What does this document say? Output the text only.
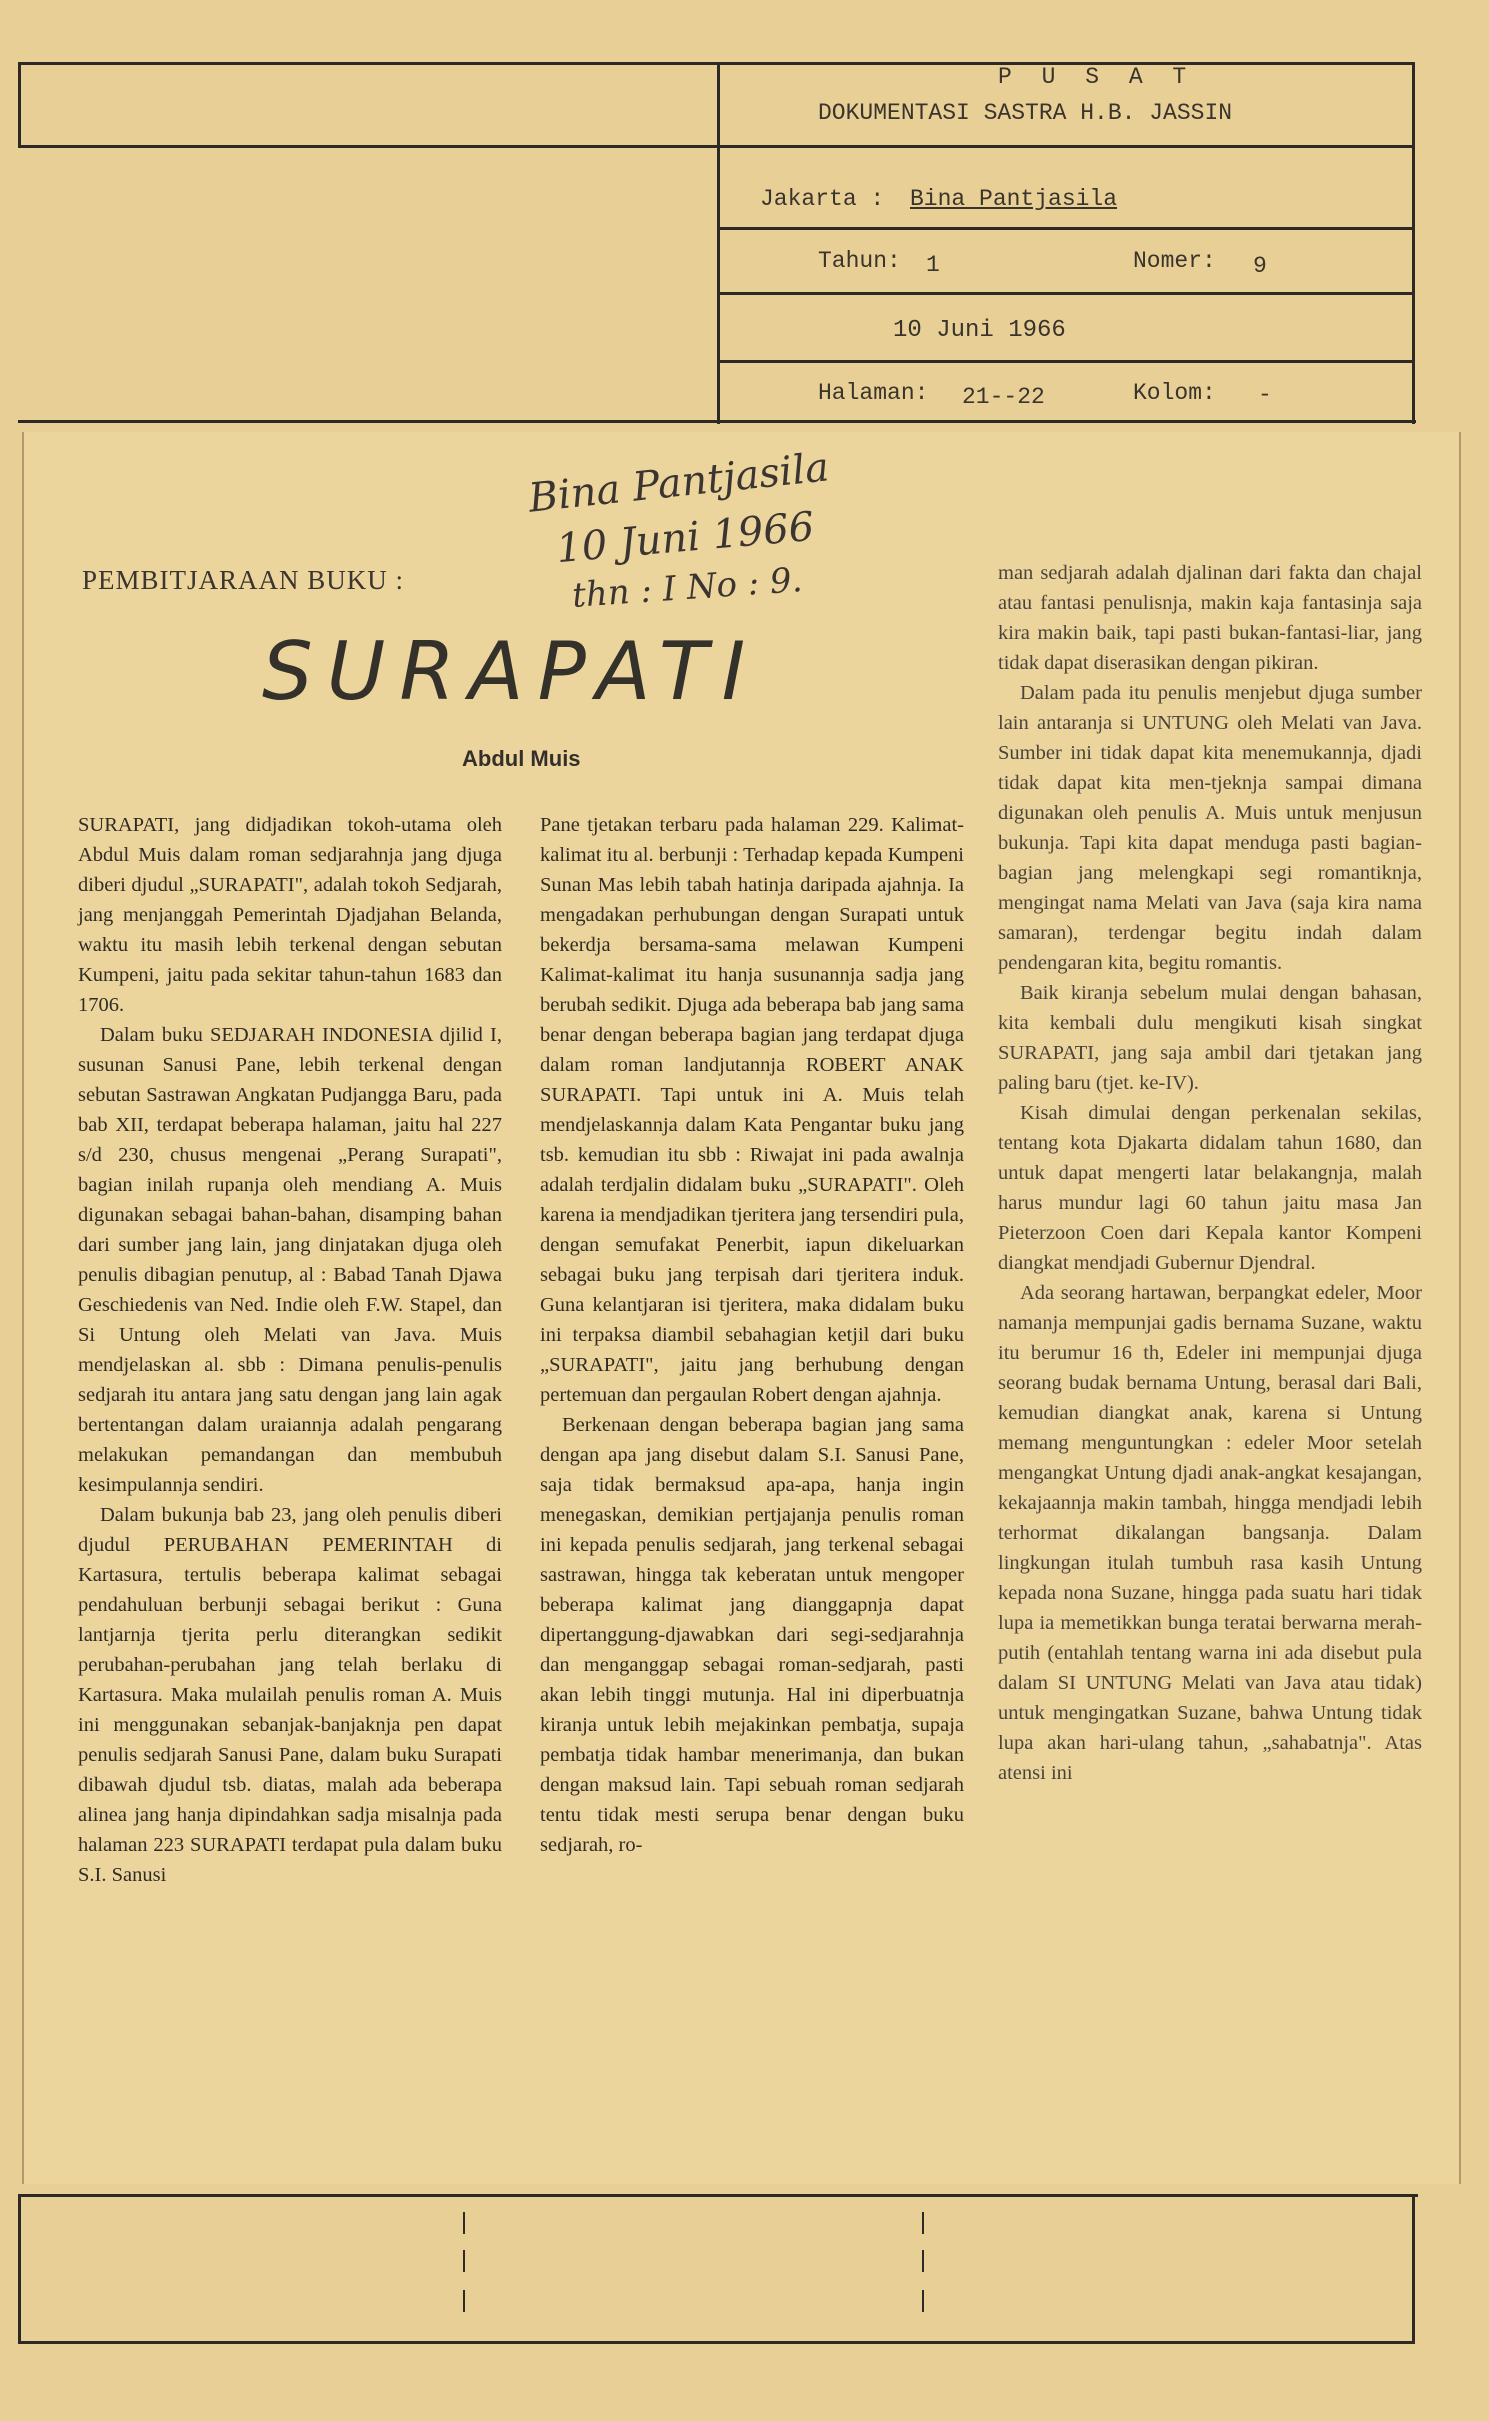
P U S A T
DOKUMENTASI SASTRA H.B. JASSIN
Jakarta : Bina Pantjasila
Tahun: 1	Nomer: 9
10 Juni 1966
Halaman: 21--22	Kolom: -
Bina Pantjasila
10 Juni 1966
thn : I No : 9.
PEMBITJARAAN BUKU :
SURAPATI
Abdul Muis

SURAPATI, jang didjadikan tokoh-utama oleh Abdul Muis dalam roman sedjarahnja jang djuga diberi djudul „SURAPATI", adalah tokoh Sedjarah, jang menjanggah Pemerintah Djadjahan Belanda, waktu itu masih lebih terkenal dengan sebutan Kumpeni, jaitu pada sekitar tahun-tahun 1683 dan 1706.

Dalam buku SEDJARAH INDONESIA djilid I, susunan Sanusi Pane, lebih terkenal dengan sebutan Sastrawan Angkatan Pudjangga Baru, pada bab XII, terdapat beberapa halaman, jaitu hal 227 s/d 230, chusus mengenai „Perang Surapati", bagian inilah rupanja oleh mendiang A. Muis digunakan sebagai bahan-bahan, disamping bahan dari sumber jang lain, jang dinjatakan djuga oleh penulis dibagian penutup, al : Babad Tanah Djawa Geschiedenis van Ned. Indie oleh F.W. Stapel, dan Si Untung oleh Melati van Java. Muis mendjelaskan al. sbb : Dimana penulis-penulis sedjarah itu antara jang satu dengan jang lain agak bertentangan dalam uraiannja adalah pengarang melakukan pemandangan dan membubuh kesimpulannja sendiri.

Dalam bukunja bab 23, jang oleh penulis diberi djudul PERUBAHAN PEMERINTAH di Kartasura, tertulis beberapa kalimat sebagai pendahuluan berbunji sebagai berikut : Guna lantjarnja tjerita perlu diterangkan sedikit perubahan-perubahan jang telah berlaku di Kartasura. Maka mulailah penulis roman A. Muis ini menggunakan sebanjak-banjaknja pen dapat penulis sedjarah Sanusi Pane, dalam buku Surapati dibawah djudul tsb. diatas, malah ada beberapa alinea jang hanja dipindahkan sadja misalnja pada halaman 223 SURAPATI terdapat pula dalam buku S.I. Sanusi

Pane tjetakan terbaru pada halaman 229. Kalimat-kalimat itu al. berbunji : Terhadap kepada Kumpeni Sunan Mas lebih tabah hatinja daripada ajahnja. Ia mengadakan perhubungan dengan Surapati untuk bekerdja bersama-sama melawan Kumpeni Kalimat-kalimat itu hanja susunannja sadja jang berubah sedikit. Djuga ada beberapa bab jang sama benar dengan beberapa bagian jang terdapat djuga dalam roman landjutannja ROBERT ANAK SURAPATI. Tapi untuk ini A. Muis telah mendjelaskannja dalam Kata Pengantar buku jang tsb. kemudian itu sbb : Riwajat ini pada awalnja adalah terdjalin didalam buku „SURAPATI". Oleh karena ia mendjadikan tjeritera jang tersendiri pula, dengan semufakat Penerbit, iapun dikeluarkan sebagai buku jang terpisah dari tjeritera induk. Guna kelantjaran isi tjeritera, maka didalam buku ini terpaksa diambil sebahagian ketjil dari buku „SURAPATI", jaitu jang berhubung dengan pertemuan dan pergaulan Robert dengan ajahnja.

Berkenaan dengan beberapa bagian jang sama dengan apa jang disebut dalam S.I. Sanusi Pane, saja tidak bermaksud apa-apa, hanja ingin menegaskan, demikian pertjajanja penulis roman ini kepada penulis sedjarah, jang terkenal sebagai sastrawan, hingga tak keberatan untuk mengoper beberapa kalimat jang dianggapnja dapat dipertanggung-djawabkan dari segi-sedjarahnja dan menganggap sebagai roman-sedjarah, pasti akan lebih tinggi mutunja. Hal ini diperbuatnja kiranja untuk lebih mejakinkan pembatja, supaja pembatja tidak hambar menerimanja, dan bukan dengan maksud lain. Tapi sebuah roman sedjarah tentu tidak mesti serupa benar dengan buku sedjarah, ro-

man sedjarah adalah djalinan dari fakta dan chajal atau fantasi penulisnja, makin kaja fantasinja saja kira makin baik, tapi pasti bukan-fantasi-liar, jang tidak dapat diserasikan dengan pikiran.

Dalam pada itu penulis menjebut djuga sumber lain antaranja si UNTUNG oleh Melati van Java. Sumber ini tidak dapat kita menemukannja, djadi tidak dapat kita men-tjeknja sampai dimana digunakan oleh penulis A. Muis untuk menjusun bukunja. Tapi kita dapat menduga pasti bagian-bagian jang melengkapi segi romantiknja, mengingat nama Melati van Java (saja kira nama samaran), terdengar begitu indah dalam pendengaran kita, begitu romantis.

Baik kiranja sebelum mulai dengan bahasan, kita kembali dulu mengikuti kisah singkat SURAPATI, jang saja ambil dari tjetakan jang paling baru (tjet. ke-IV).

Kisah dimulai dengan perkenalan sekilas, tentang kota Djakarta didalam tahun 1680, dan untuk dapat mengerti latar belakangnja, malah harus mundur lagi 60 tahun jaitu masa Jan Pieterzoon Coen dari Kepala kantor Kompeni diangkat mendjadi Gubernur Djendral.

Ada seorang hartawan, berpangkat edeler, Moor namanja mempunjai gadis bernama Suzane, waktu itu berumur 16 th, Edeler ini mempunjai djuga seorang budak bernama Untung, berasal dari Bali, kemudian diangkat anak, karena si Untung memang menguntungkan : edeler Moor setelah mengangkat Untung djadi anak-angkat kesajangan, kekajaannja makin tambah, hingga mendjadi lebih terhormat dikalangan bangsanja. Dalam lingkungan itulah tumbuh rasa kasih Untung kepada nona Suzane, hingga pada suatu hari tidak lupa ia memetikkan bunga teratai berwarna merah-putih (entahlah tentang warna ini ada disebut pula dalam SI UNTUNG Melati van Java atau tidak) untuk mengingatkan Suzane, bahwa Untung tidak lupa akan hari-ulang tahun, „sahabatnja". Atas atensi ini
